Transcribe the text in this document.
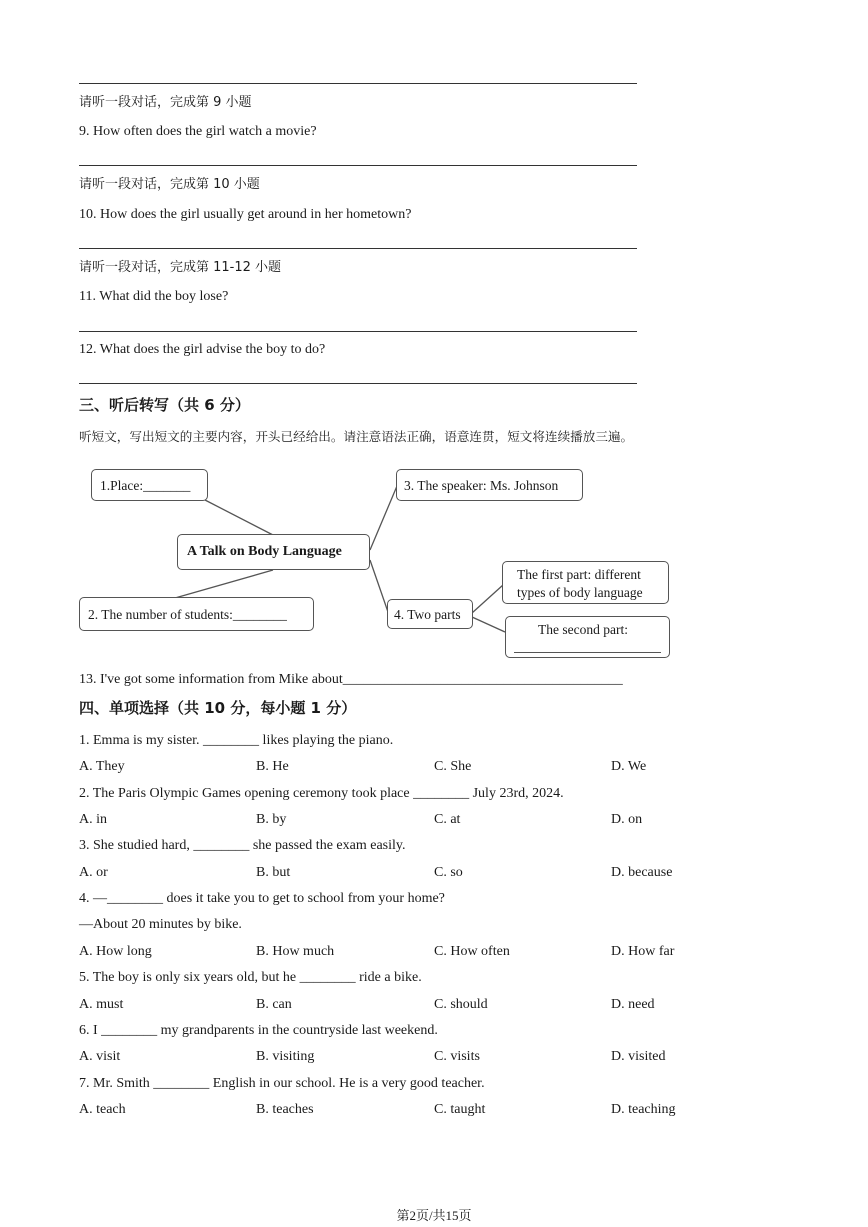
请听一段对话，完成第 9 小题
9. How often does the girl watch a movie?
请听一段对话，完成第 10 小题
10. How does the girl usually get around in her hometown?
请听一段对话，完成第 11-12 小题
11. What did the boy lose?
12. What does the girl advise the boy to do?
三、听后转写（共 6 分）
听短文，写出短文的主要内容，开头已经给出。请注意语法正确，语意连贯，短文将连续播放三遍。
1.Place:_______	3. The speaker: Ms. Johnson
A Talk on Body Language
2. The number of students:________	4. Two parts
The first part: different
types of body language
The second part:
13. I've got some information from Mike about________________________________________
四、单项选择（共 10 分，每小题 1 分）
1. Emma is my sister. ________ likes playing the piano.
A. They	B. He	C. She	D. We
2. The Paris Olympic Games opening ceremony took place ________ July 23rd, 2024.
A. in	B. by	C. at	D. on
3. She studied hard, ________ she passed the exam easily.
A. or	B. but	C. so	D. because
4. —________ does it take you to get to school from your home?
—About 20 minutes by bike.
A. How long	B. How much	C. How often	D. How far
5. The boy is only six years old, but he ________ ride a bike.
A. must	B. can	C. should	D. need
6. I ________ my grandparents in the countryside last weekend.
A. visit	B. visiting	C. visits	D. visited
7. Mr. Smith ________ English in our school. He is a very good teacher.
A. teach	B. teaches	C. taught	D. teaching
第2页/共15页
